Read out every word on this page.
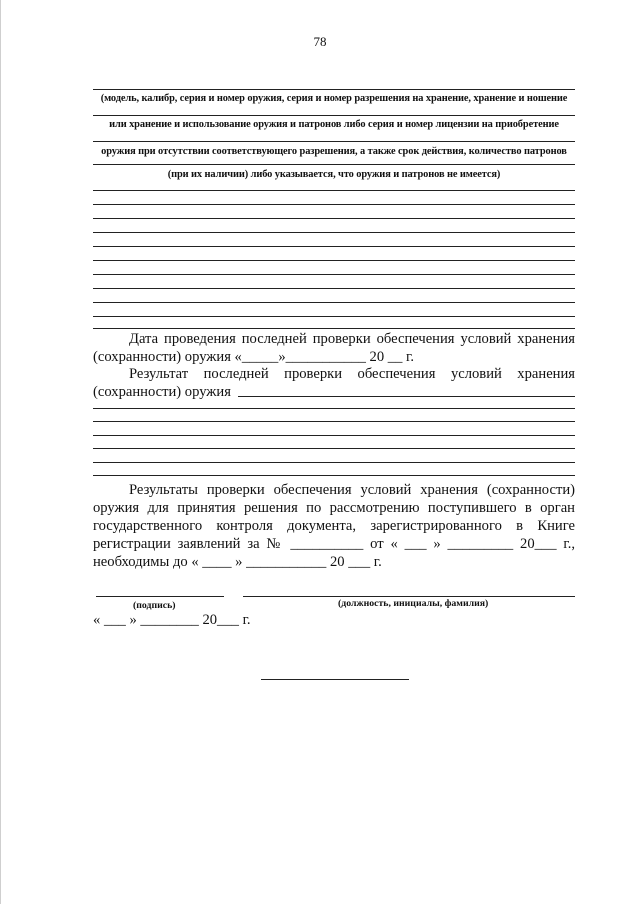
78
(модель, калибр, серия и номер оружия, серия и номер разрешения на хранение, хранение и ношение
или хранение и использование оружия и патронов либо серия и номер лицензии на приобретение
оружия при отсутствии соответствующего разрешения, а также срок действия, количество патронов
(при их наличии) либо указывается, что оружия и патронов не имеется)
Дата проведения последней проверки обеспечения условий хранения
(сохранности) оружия «_____»___________ 20 __ г.
Результат последней проверки обеспечения условий хранения
(сохранности) оружия
Результаты проверки обеспечения условий хранения (сохранности)
оружия для принятия решения по рассмотрению поступившего в орган
государственного контроля документа, зарегистрированного в Книге
регистрации заявлений за № __________ от « ___ » _________ 20___ г.,
необходимы до « ____ » ___________ 20 ___ г.
(подпись)	(должность, инициалы, фамилия)
« ___ » ________ 20___ г.
